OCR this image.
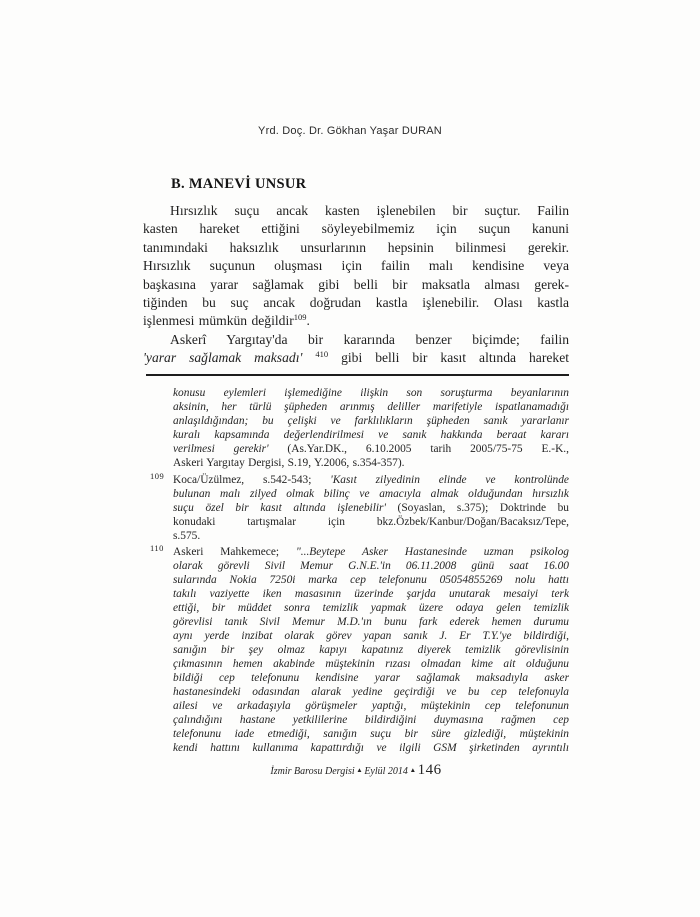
Yrd. Doç. Dr. Gökhan Yaşar DURAN
B. MANEVİ UNSUR
Hırsızlık suçu ancak kasten işlenebilen bir suçtur. Failin
kasten hareket ettiğini söyleyebilmemiz için suçun kanuni
tanımındaki haksızlık unsurlarının hepsinin bilinmesi gerekir.
Hırsızlık suçunun oluşması için failin malı kendisine veya
başkasına yarar sağlamak gibi belli bir maksatla alması gerek-
tiğinden bu suç ancak doğrudan kastla işlenebilir. Olası kastla
işlenmesi mümkün değildir$^{109}$.
Askerî Yargıtay'da bir kararında benzer biçimde; failin
'yarar sağlamak maksadı' $^{410}$ gibi belli bir kasıt altında hareket
konusu eylemleri işlemediğine ilişkin son soruşturma beyanlarının
aksinin, her türlü şüpheden arınmış deliller marifetiyle ispatlanamadığı
anlaşıldığından; bu çelişki ve farklılıkların şüpheden sanık yararlanır
kuralı kapsamında değerlendirilmesi ve sanık hakkında beraat kararı
verilmesi gerekir' (As.Yar.DK., 6.10.2005 tarih 2005/75-75 E.-K.,
Askeri Yargıtay Dergisi, S.19, Y.2006, s.354-357).
109 Koca/Üzülmez, s.542-543; 'Kasıt zilyedinin elinde ve kontrolünde
bulunan malı zilyed olmak bilinç ve amacıyla almak olduğundan hırsızlık
suçu özel bir kasıt altında işlenebilir' (Soyaslan, s.375); Doktrinde bu
konudaki tartışmalar için bkz.Özbek/Kanbur/Doğan/Bacaksız/Tepe,
s.575.
110 Askeri Mahkemece; "...Beytepe Asker Hastanesinde uzman psikolog
olarak görevli Sivil Memur G.N.E.'in 06.11.2008 günü saat 16.00
sularında Nokia 7250i marka cep telefonunu 05054855269 nolu hattı
takılı vaziyette iken masasının üzerinde şarjda unutarak mesaiyi terk
ettiği, bir müddet sonra temizlik yapmak üzere odaya gelen temizlik
görevlisi tanık Sivil Memur M.D.'ın bunu fark ederek hemen durumu
aynı yerde inzibat olarak görev yapan sanık J. Er T.Y.'ye bildirdiği,
sanığın bir şey olmaz kapıyı kapatınız diyerek temizlik görevlisinin
çıkmasının hemen akabinde müştekinin rızası olmadan kime ait olduğunu
bildiği cep telefonunu kendisine yarar sağlamak maksadıyla asker
hastanesindeki odasından alarak yedine geçirdiği ve bu cep telefonuyla
ailesi ve arkadaşıyla görüşmeler yaptığı, müştekinin cep telefonunun
çalındığını hastane yetkililerine bildirdiğini duymasına rağmen cep
telefonunu iade etmediği, sanığın suçu bir süre gizlediği, müştekinin
kendi hattını kullanıma kapattırdığı ve ilgili GSM şirketinden ayrıntılı
İzmir Barosu Dergisi ▲ Eylül 2014 ▲ 146
